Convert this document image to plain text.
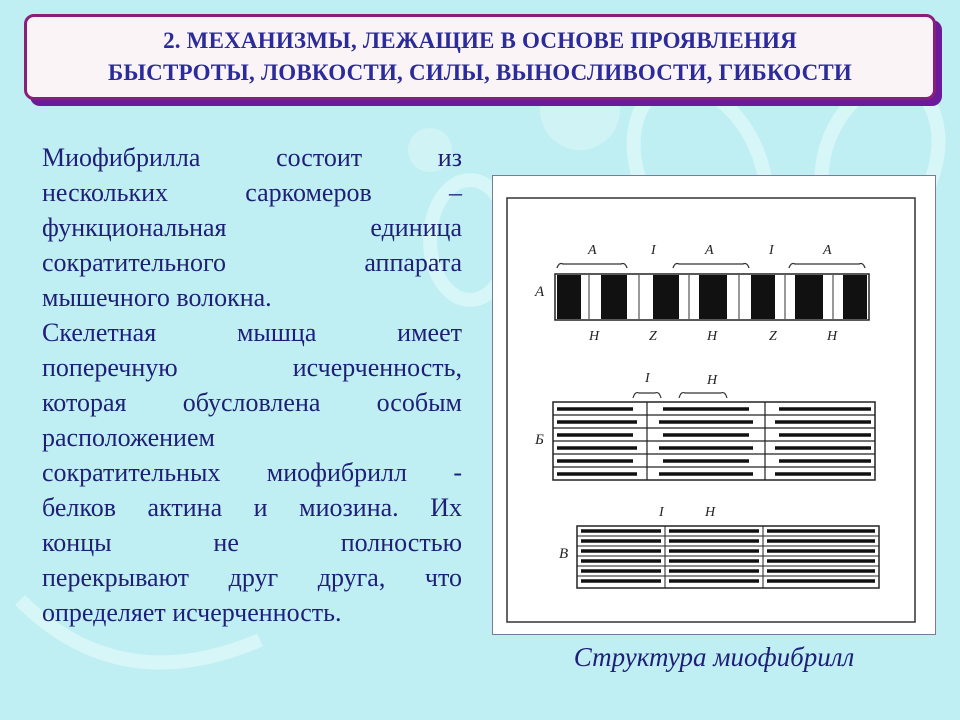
2. МЕХАНИЗМЫ, ЛЕЖАЩИЕ В ОСНОВЕ ПРОЯВЛЕНИЯ
БЫСТРОТЫ, ЛОВКОСТИ, СИЛЫ, ВЫНОСЛИВОСТИ, ГИБКОСТИ

Миофибрилла состоит из
нескольких саркомеров –
функциональная единица
сократительного аппарата
мышечного волокна.

Скелетная мышца имеет
поперечную исчерченность,
которая обусловлена особым
расположением
сократительных миофибрилл -
белков актина и миозина. Их
концы не полностью
перекрывают друг друга, что
определяет исчерченность.

А
А	I	А	I	А
Н	Z	Н	Z	Н
Б
I	Н
В
I	Н
Структура миофибрилл
